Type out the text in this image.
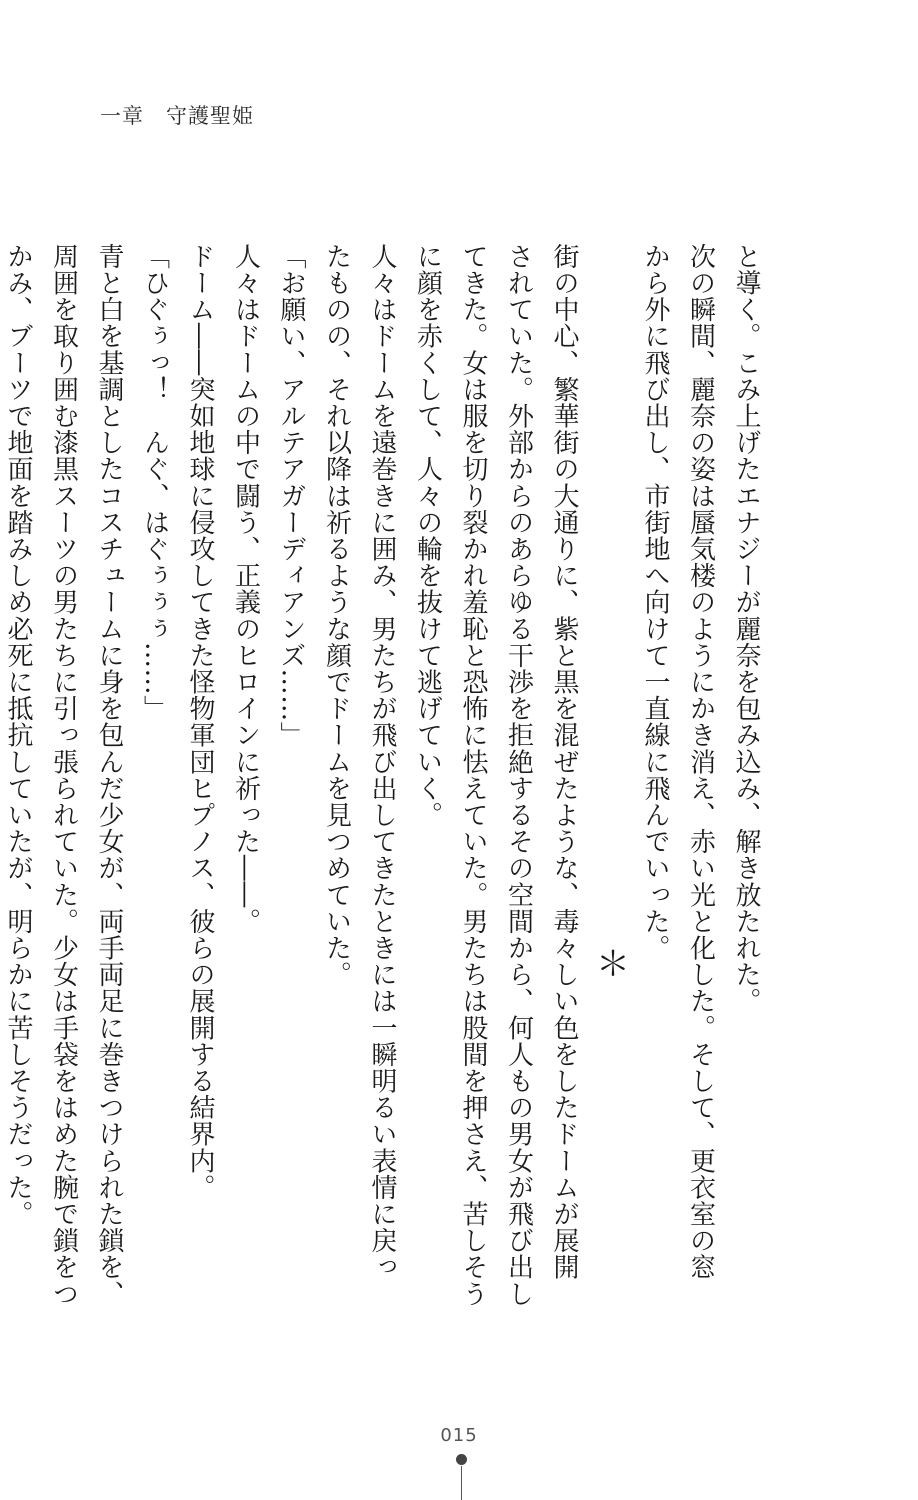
一章　守護聖姫
と導く。こみ上げたエナジーが麗奈を包み込み、解き放たれた。
次の瞬間、麗奈の姿は蜃気楼のようにかき消え、赤い光と化した。そして、更衣室の窓
から外に飛び出し、市街地へ向けて一直線に飛んでいった。
＊
街の中心、繁華街の大通りに、紫と黒を混ぜたような、毒々しい色をしたドームが展開
されていた。外部からのあらゆる干渉を拒絶するその空間から、何人もの男女が飛び出し
てきた。女は服を切り裂かれ羞恥と恐怖に怯えていた。男たちは股間を押さえ、苦しそう
に顔を赤くして、人々の輪を抜けて逃げていく。
人々はドームを遠巻きに囲み、男たちが飛び出してきたときには一瞬明るい表情に戻っ
たものの、それ以降は祈るような顔でドームを見つめていた。
「お願い、アルテアガーディアンズ……」
人々はドームの中で闘う、正義のヒロインに祈った――。
ドーム――突如地球に侵攻してきた怪物軍団ヒプノス、彼らの展開する結界内。
「ひぐぅっ！　んぐ、はぐぅぅぅ……」
青と白を基調としたコスチュームに身を包んだ少女が、両手両足に巻きつけられた鎖を、
周囲を取り囲む漆黒スーツの男たちに引っ張られていた。少女は手袋をはめた腕で鎖をつ
かみ、ブーツで地面を踏みしめ必死に抵抗していたが、明らかに苦しそうだった。
015
